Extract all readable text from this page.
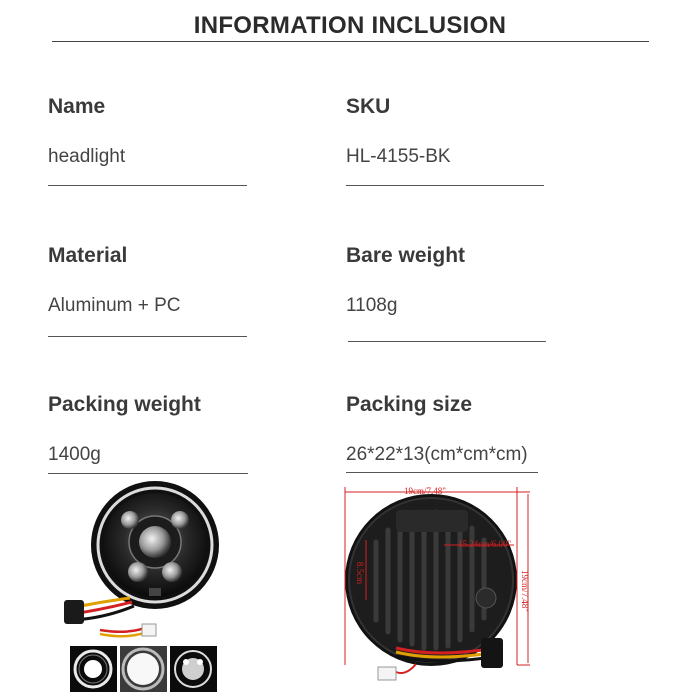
INFORMATION INCLUSION
Name
headlight
SKU
HL-4155-BK
Material
Aluminum + PC
Bare weight
1108g
Packing weight
1400g
Packing size
26*22*13(cm*cm*cm)
19cm/7.48"
15.24cm/6.00"
19cm/7.48"
8.5cm
